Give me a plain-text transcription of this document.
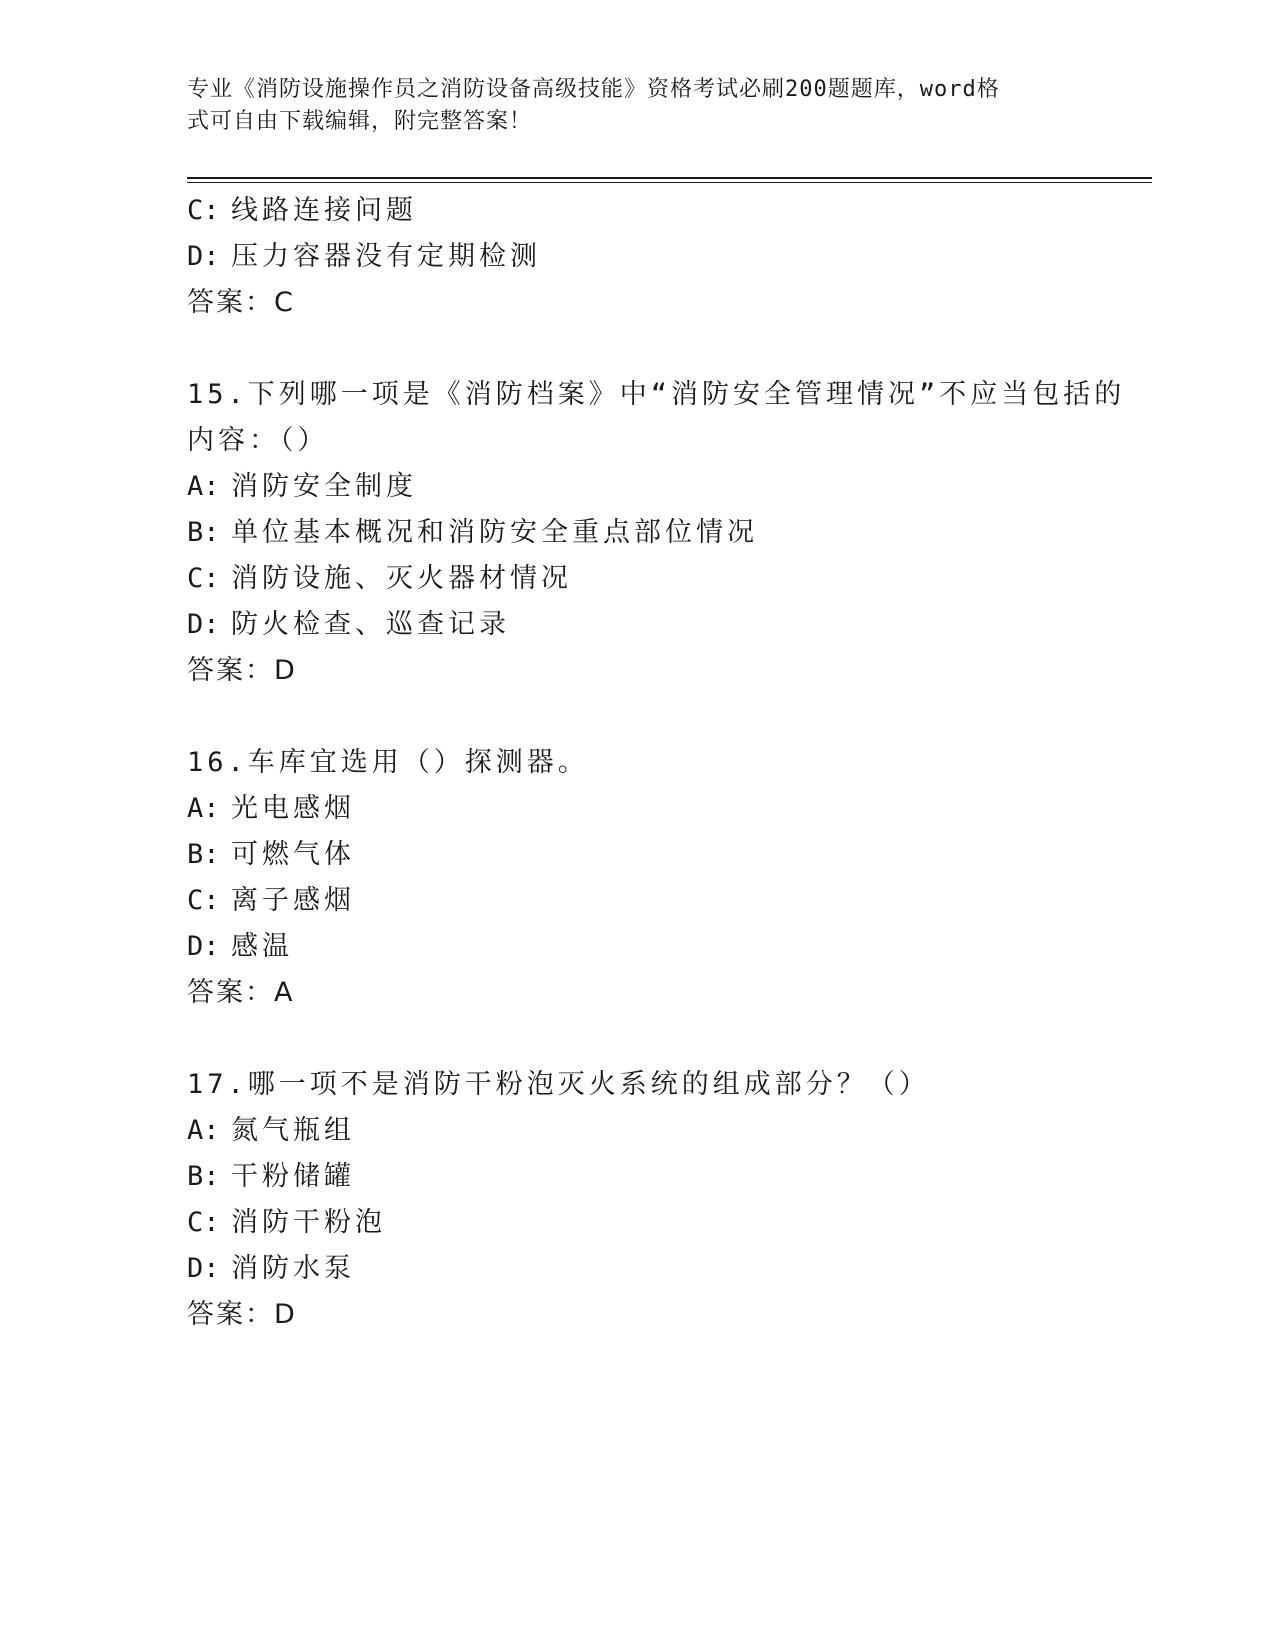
专业《消防设施操作员之消防设备高级技能》资格考试必刷200题题库，word格
式可自由下载编辑，附完整答案！
C: 线路连接问题
D: 压力容器没有定期检测
答案：C
15.下列哪一项是《消防档案》中“消防安全管理情况”不应当包括的
内容：（）
A: 消防安全制度
B: 单位基本概况和消防安全重点部位情况
C: 消防设施、灭火器材情况
D: 防火检查、巡查记录
答案：D
16.车库宜选用（）探测器。
A: 光电感烟
B: 可燃气体
C: 离子感烟
D: 感温
答案：A
17.哪一项不是消防干粉泡灭火系统的组成部分？（）
A: 氮气瓶组
B: 干粉储罐
C: 消防干粉泡
D: 消防水泵
答案：D
